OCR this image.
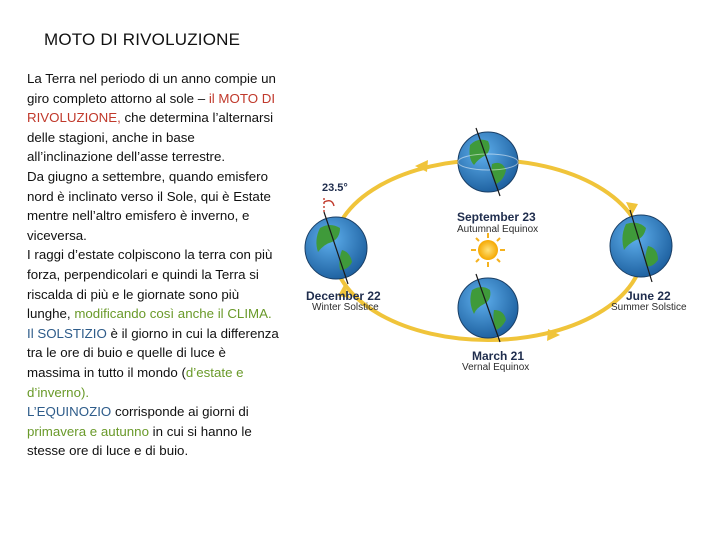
MOTO DI RIVOLUZIONE

La Terra nel periodo di un anno compie un giro completo attorno al sole – il MOTO DI RIVOLUZIONE, che determina l’alternarsi delle stagioni, anche in base all’inclinazione dell’asse terrestre.

Da giugno a settembre, quando emisfero nord è inclinato verso il Sole, qui è Estate mentre nell’altro emisfero è inverno, e viceversa.

I raggi d’estate colpiscono la terra con più forza, perpendicolari e quindi la Terra si riscalda di più e le giornate sono più lunghe, modificando così anche il CLIMA.

Il SOLSTIZIO è il giorno in cui la differenza tra le ore di buio e quelle di luce è massima in tutto il mondo (d’estate e d’inverno).

L’EQUINOZIO corrisponde ai giorni di primavera e autunno in cui si hanno le stesse ore di luce e di buio.

23.5°
September 23
Autumnal Equinox
December 22
Winter Solstice
June 22
Summer Solstice
March 21
Vernal Equinox
